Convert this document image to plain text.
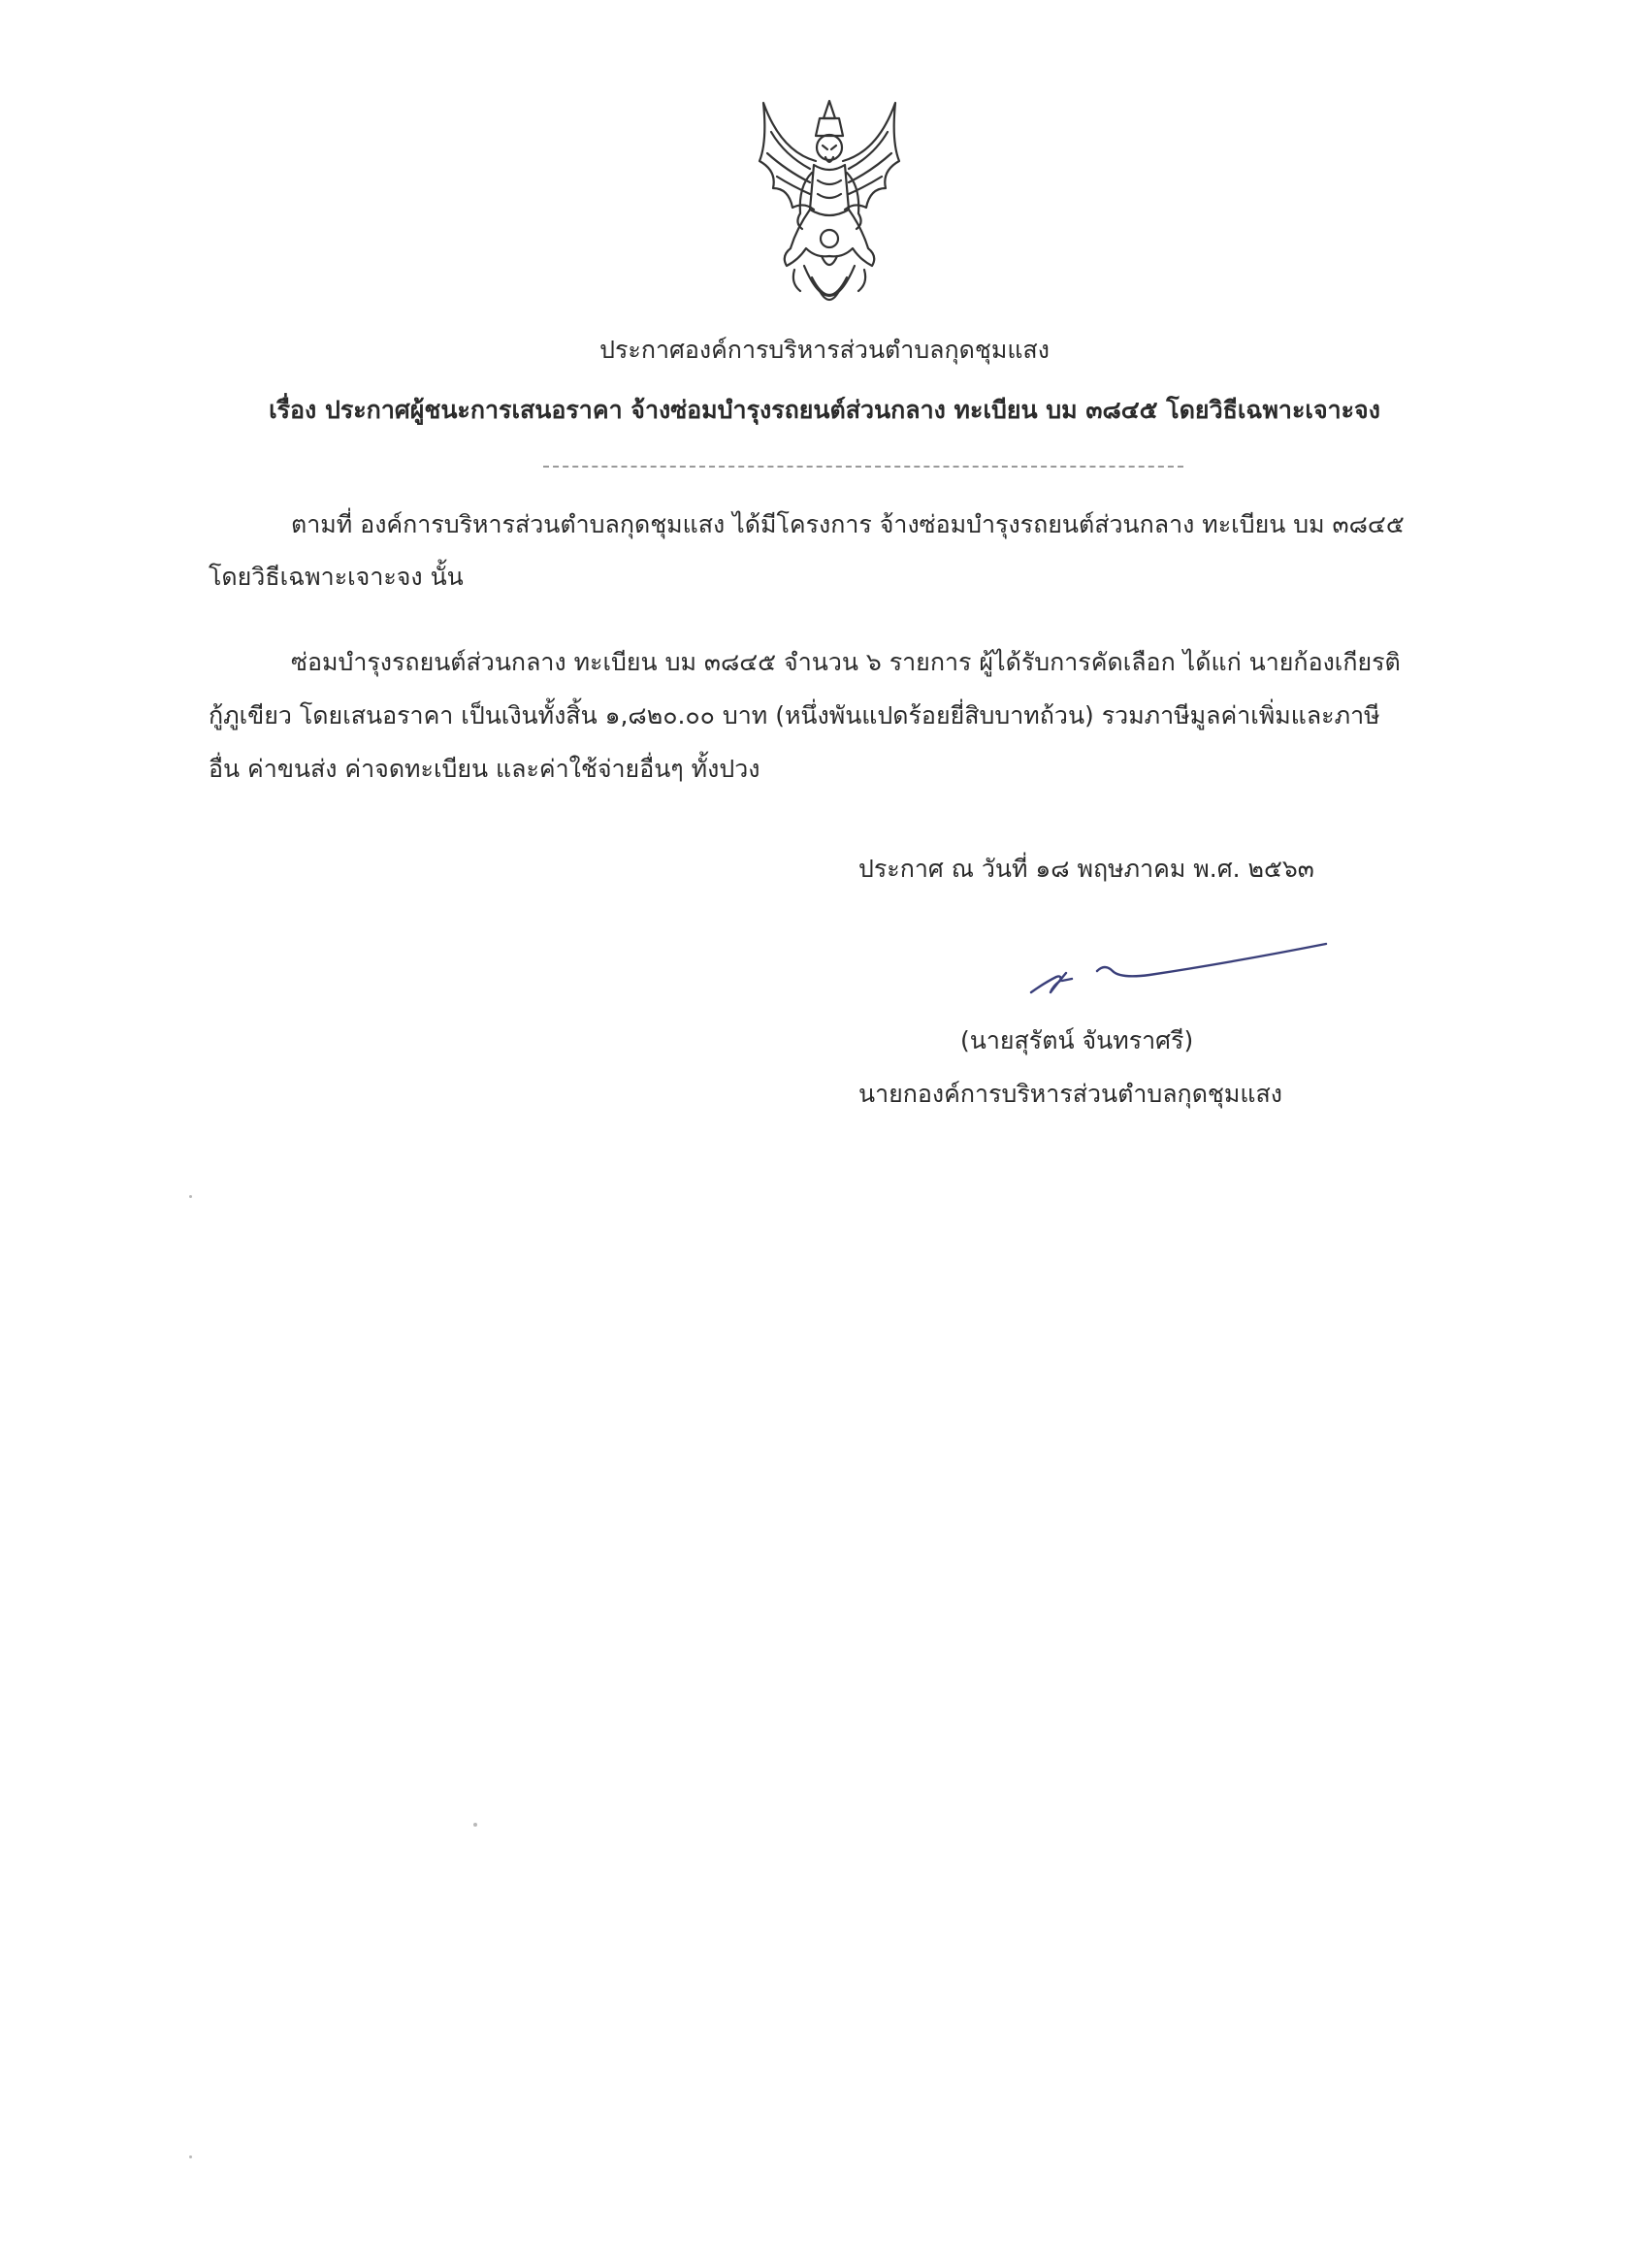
ประกาศองค์การบริหารส่วนตำบลกุดชุมแสง
เรื่อง ประกาศผู้ชนะการเสนอราคา จ้างซ่อมบำรุงรถยนต์ส่วนกลาง ทะเบียน บม ๓๘๔๕ โดยวิธีเฉพาะเจาะจง
ตามที่ องค์การบริหารส่วนตำบลกุดชุมแสง ได้มีโครงการ จ้างซ่อมบำรุงรถยนต์ส่วนกลาง ทะเบียน บม ๓๘๔๕
โดยวิธีเฉพาะเจาะจง นั้น
ซ่อมบำรุงรถยนต์ส่วนกลาง ทะเบียน บม ๓๘๔๕ จำนวน ๖ รายการ ผู้ได้รับการคัดเลือก ได้แก่ นายก้องเกียรติ
กู้ภูเขียว โดยเสนอราคา เป็นเงินทั้งสิ้น ๑,๘๒๐.๐๐ บาท (หนึ่งพันแปดร้อยยี่สิบบาทถ้วน) รวมภาษีมูลค่าเพิ่มและภาษี
อื่น ค่าขนส่ง ค่าจดทะเบียน และค่าใช้จ่ายอื่นๆ ทั้งปวง
ประกาศ ณ วันที่ ๑๘ พฤษภาคม พ.ศ. ๒๕๖๓
(นายสุรัตน์ จันทราศรี)
นายกองค์การบริหารส่วนตำบลกุดชุมแสง
